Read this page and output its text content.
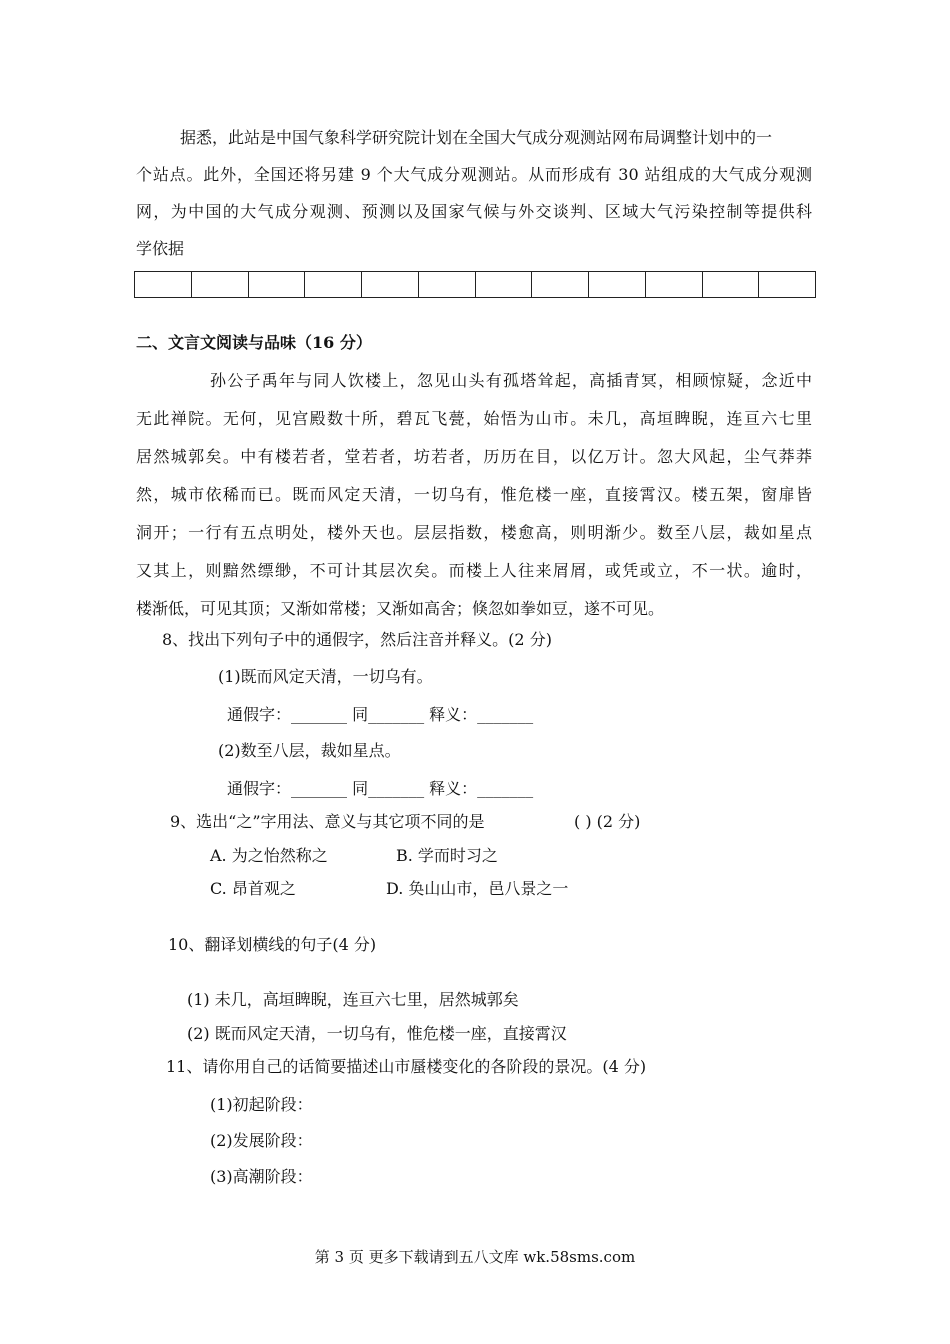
据悉，此站是中国气象科学研究院计划在全国大气成分观测站网布局调整计划中的一
个站点。此外，全国还将另建 9 个大气成分观测站。从而形成有 30 站组成的大气成分观测
网，为中国的大气成分观测、预测以及国家气候与外交谈判、区域大气污染控制等提供科
学依据
二、文言文阅读与品味（16 分）
孙公子禹年与同人饮楼上，忽见山头有孤塔耸起，高插青冥，相顾惊疑，念近中
无此禅院。无何，见宫殿数十所，碧瓦飞甍，始悟为山市。未几，高垣睥睨，连亘六七里
居然城郭矣。中有楼若者，堂若者，坊若者，历历在目，以亿万计。忽大风起，尘气莽莽
然，城市依稀而已。既而风定天清，一切乌有，惟危楼一座，直接霄汉。楼五架，窗扉皆
洞开；一行有五点明处，楼外天也。层层指数，楼愈高，则明渐少。数至八层，裁如星点
又其上，则黯然缥缈，不可计其层次矣。而楼上人往来屑屑，或凭或立，不一状。逾时，
楼渐低，可见其顶；又渐如常楼；又渐如高舍；倏忽如拳如豆，遂不可见。
8、找出下列句子中的通假字，然后注音并释义。(2 分)
(1)既而风定天清，一切乌有。
通假字：_______ 同_______ 释义：_______
(2)数至八层，裁如星点。
通假字：_______ 同_______ 释义：_______
9、选出“之”字用法、意义与其它项不同的是	( ) (2 分)
A. 为之怡然称之	B. 学而时习之
C. 昂首观之	D. 奂山山市，邑八景之一
10、翻译划横线的句子(4 分)
(1) 未几，高垣睥睨，连亘六七里，居然城郭矣
(2) 既而风定天清，一切乌有，惟危楼一座，直接霄汉
11、请你用自己的话简要描述山市蜃楼变化的各阶段的景况。(4 分)
(1)初起阶段：
(2)发展阶段：
(3)高潮阶段：
第 3 页 更多下载请到五八文库 wk.58sms.com
